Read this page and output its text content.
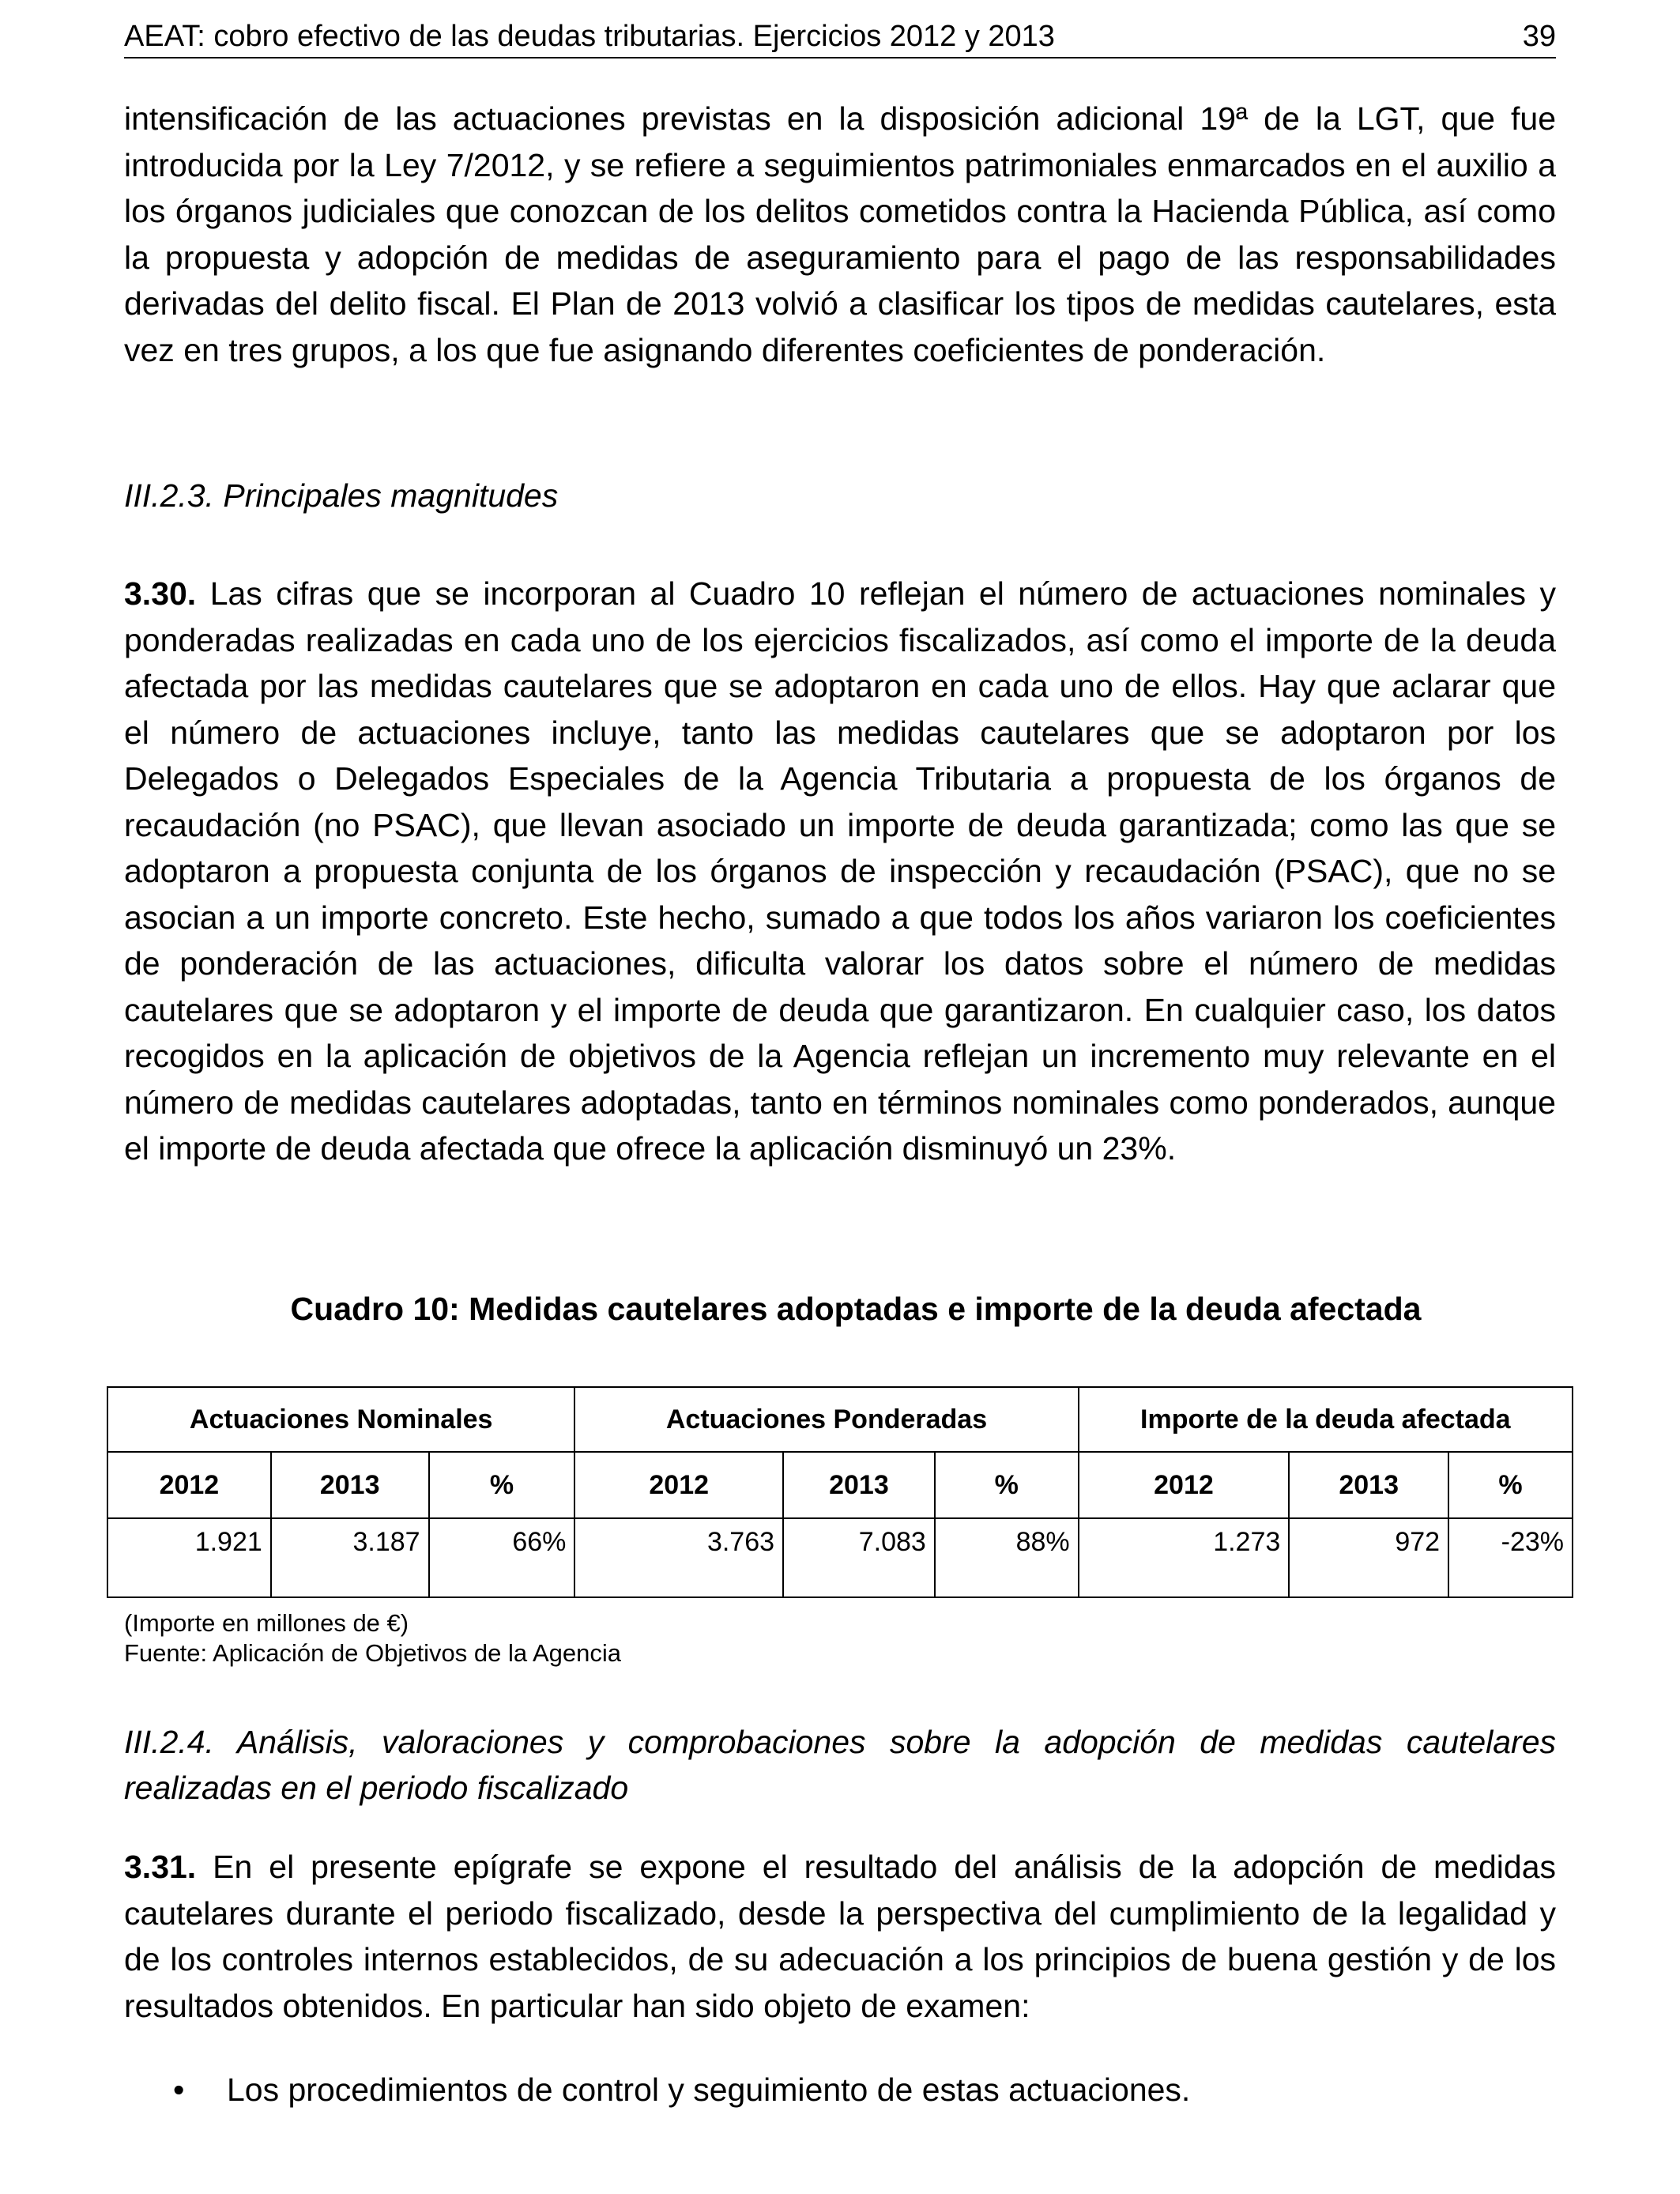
AEAT: cobro efectivo de las deudas tributarias. Ejercicios 2012 y 2013	39

intensificación de las actuaciones previstas en la disposición adicional 19ª de la LGT, que fue introducida por la Ley 7/2012, y se refiere a seguimientos patrimoniales enmarcados en el auxilio a los órganos judiciales que conozcan de los delitos cometidos contra la Hacienda Pública, así como la propuesta y adopción de medidas de aseguramiento para el pago de las responsabilidades derivadas del delito fiscal. El Plan de 2013 volvió a clasificar los tipos de medidas cautelares, esta vez en tres grupos, a los que fue asignando diferentes coeficientes de ponderación.

III.2.3. Principales magnitudes

3.30. Las cifras que se incorporan al Cuadro 10 reflejan el número de actuaciones nominales y ponderadas realizadas en cada uno de los ejercicios fiscalizados, así como el importe de la deuda afectada por las medidas cautelares que se adoptaron en cada uno de ellos. Hay que aclarar que el número de actuaciones incluye, tanto las medidas cautelares que se adoptaron por los Delegados o Delegados Especiales de la Agencia Tributaria a propuesta de los órganos de recaudación (no PSAC), que llevan asociado un importe de deuda garantizada; como las que se adoptaron a propuesta conjunta de los órganos de inspección y recaudación (PSAC), que no se asocian a un importe concreto. Este hecho, sumado a que todos los años variaron los coeficientes de ponderación de las actuaciones, dificulta valorar los datos sobre el número de medidas cautelares que se adoptaron y el importe de deuda que garantizaron. En cualquier caso, los datos recogidos en la aplicación de objetivos de la Agencia reflejan un incremento muy relevante en el número de medidas cautelares adoptadas, tanto en términos nominales como ponderados, aunque el importe de deuda afectada que ofrece la aplicación disminuyó un 23%.

Cuadro 10: Medidas cautelares adoptadas e importe de la deuda afectada
Actuaciones Nominales			Actuaciones Ponderadas			Importe de la deuda afectada		
2012	2013	%	2012	2013	%	2012	2013	%
1.921	3.187	66%	3.763	7.083	88%	1.273	972	-23%
(Importe en millones de €)
Fuente: Aplicación de Objetivos de la Agencia

III.2.4. Análisis, valoraciones y comprobaciones sobre la adopción de medidas cautelares realizadas en el periodo fiscalizado

3.31. En el presente epígrafe se expone el resultado del análisis de la adopción de medidas cautelares durante el periodo fiscalizado, desde la perspectiva del cumplimiento de la legalidad y de los controles internos establecidos, de su adecuación a los principios de buena gestión y de los resultados obtenidos. En particular han sido objeto de examen:

• Los procedimientos de control y seguimiento de estas actuaciones.
